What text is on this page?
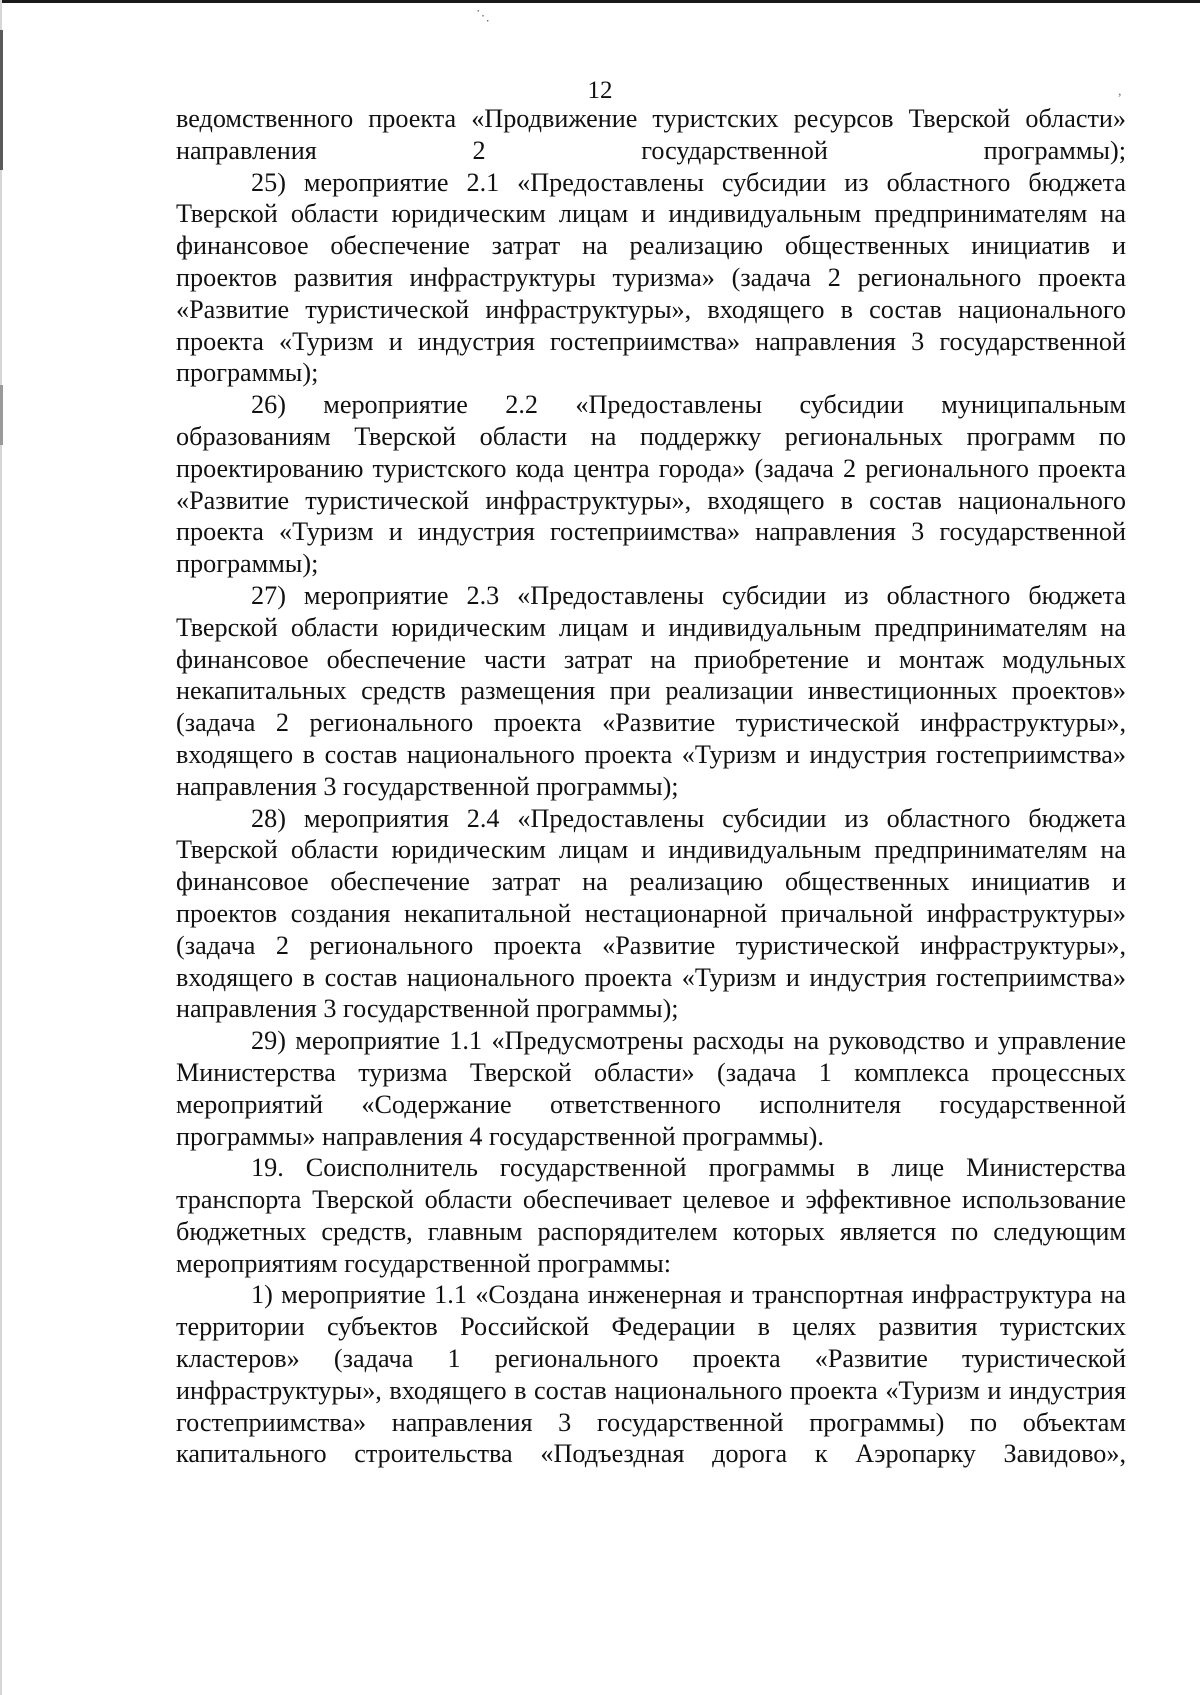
⋱
,
12

ведомственного проекта «Продвижение туристских ресурсов Тверской области» направления 2 государственной программы);

25) мероприятие 2.1 «Предоставлены субсидии из областного бюджета Тверской области юридическим лицам и индивидуальным предпринимателям на финансовое обеспечение затрат на реализацию общественных инициатив и проектов развития инфраструктуры туризма» (задача 2 регионального проекта «Развитие туристической инфраструктуры», входящего в состав национального проекта «Туризм и индустрия гостеприимства» направления 3 государственной программы);

26) мероприятие 2.2 «Предоставлены субсидии муниципальным образованиям Тверской области на поддержку региональных программ по проектированию туристского кода центра города» (задача 2 регионального проекта «Развитие туристической инфраструктуры», входящего в состав национального проекта «Туризм и индустрия гостеприимства» направления 3 государственной программы);

27) мероприятие 2.3 «Предоставлены субсидии из областного бюджета Тверской области юридическим лицам и индивидуальным предпринимателям на финансовое обеспечение части затрат на приобретение и монтаж модульных некапитальных средств размещения при реализации инвестиционных проектов» (задача 2 регионального проекта «Развитие туристической инфраструктуры», входящего в состав национального проекта «Туризм и индустрия гостеприимства» направления 3 государственной программы);

28) мероприятия 2.4 «Предоставлены субсидии из областного бюджета Тверской области юридическим лицам и индивидуальным предпринимателям на финансовое обеспечение затрат на реализацию общественных инициатив и проектов создания некапитальной нестационарной причальной инфраструктуры» (задача 2 регионального проекта «Развитие туристической инфраструктуры», входящего в состав национального проекта «Туризм и индустрия гостеприимства» направления 3 государственной программы);

29) мероприятие 1.1 «Предусмотрены расходы на руководство и управление Министерства туризма Тверской области» (задача 1 комплекса процессных мероприятий «Содержание ответственного исполнителя государственной программы» направления 4 государственной программы).

19. Соисполнитель государственной программы в лице Министерства транспорта Тверской области обеспечивает целевое и эффективное использование бюджетных средств, главным распорядителем которых является по следующим мероприятиям государственной программы:

1) мероприятие 1.1 «Создана инженерная и транспортная инфраструктура на территории субъектов Российской Федерации в целях развития туристских кластеров» (задача 1 регионального проекта «Развитие туристической инфраструктуры», входящего в состав национального проекта «Туризм и индустрия гостеприимства» направления 3 государственной программы) по объектам капитального строительства «Подъездная дорога к Аэропарку Завидово»,
